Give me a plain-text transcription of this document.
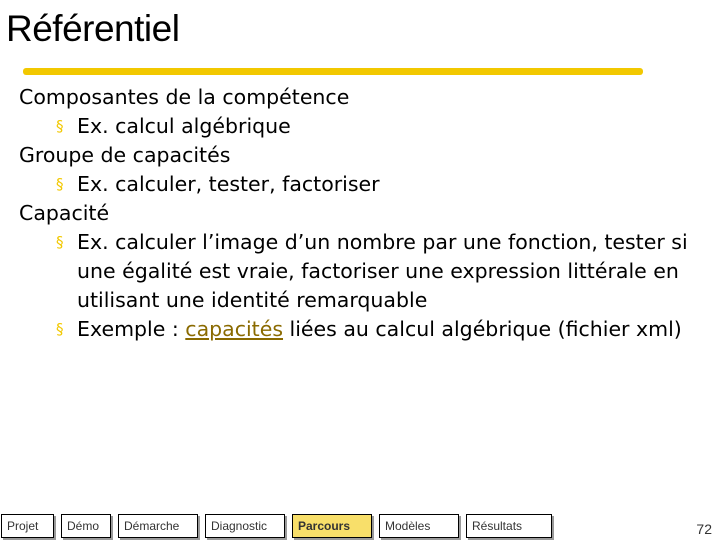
Référentiel
Composantes de la compétence
§ Ex. calcul algébrique
Groupe de capacités
§ Ex. calculer, tester, factoriser
Capacité
§ Ex. calculer l’image d’un nombre par une fonction, tester si une égalité est vraie, factoriser une expression littérale en utilisant une identité remarquable
§ Exemple : capacités liées au calcul algébrique (fichier xml)
Projet	Démo	Démarche	Diagnostic	Parcours	Modèles	Résultats	72
